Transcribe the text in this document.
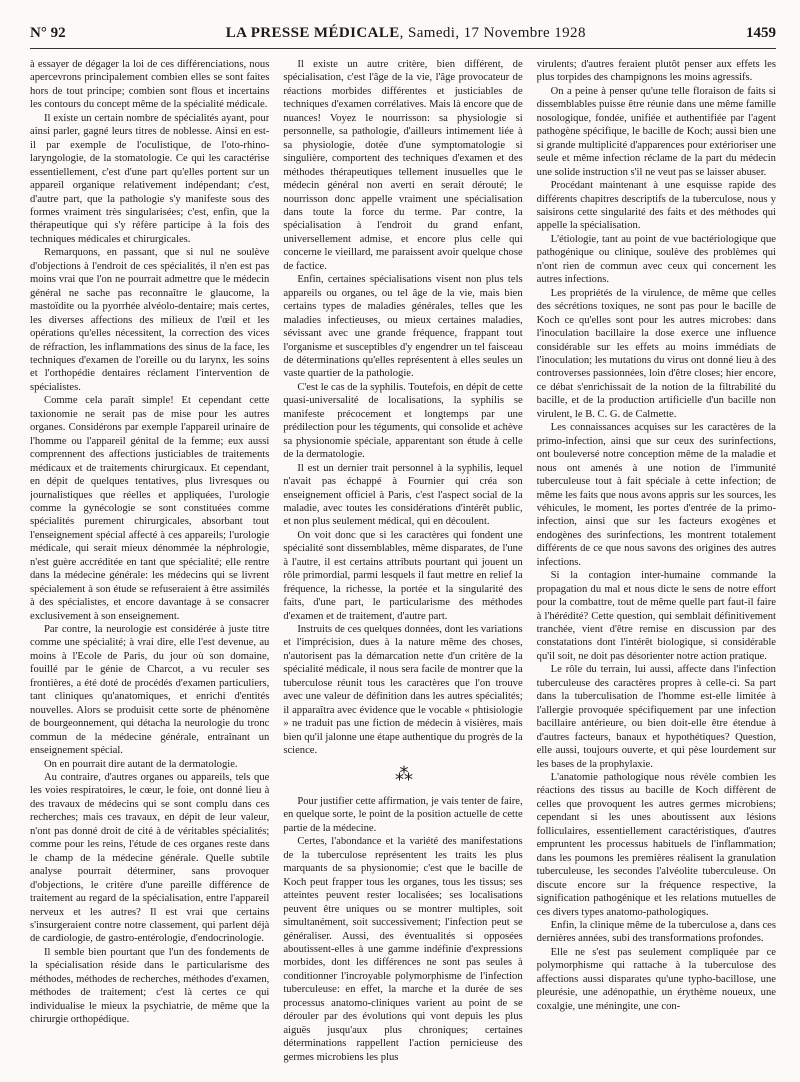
N° 92	LA PRESSE MÉDICALE, Samedi, 17 Novembre 1928	1459

à essayer de dégager la loi de ces différenciations, nous apercevrons principalement combien elles se sont faites hors de tout principe; combien sont flous et incertains les contours du concept même de la spécialité médicale.

Il existe un certain nombre de spécialités ayant, pour ainsi parler, gagné leurs titres de noblesse. Ainsi en est-il par exemple de l'oculistique, de l'oto-rhino-laryngologie, de la stomatologie. Ce qui les caractérise essentiellement, c'est d'une part qu'elles portent sur un appareil organique relativement indépendant; c'est, d'autre part, que la pathologie s'y manifeste sous des formes vraiment très singularisées; c'est, enfin, que la thérapeutique qui s'y réfère participe à la fois des techniques médicales et chirurgicales.

Remarquons, en passant, que si nul ne soulève d'objections à l'endroit de ces spécialités, il n'en est pas moins vrai que l'on ne pourrait admettre que le médecin général ne sache pas reconnaître le glaucome, la mastoïdite ou la pyorrhée alvéolo-dentaire; mais certes, les diverses affections des milieux de l'œil et les opérations qu'elles nécessitent, la correction des vices de réfraction, les inflammations des sinus de la face, les techniques d'examen de l'oreille ou du larynx, les soins et l'orthopédie dentaires réclament l'intervention de spécialistes.

Comme cela paraît simple! Et cependant cette taxionomie ne serait pas de mise pour les autres organes. Considérons par exemple l'appareil urinaire de l'homme ou l'appareil génital de la femme; eux aussi comprennent des affections justiciables de traitements médicaux et de traitements chirurgicaux. Et cependant, en dépit de quelques tentatives, plus livresques ou journalistiques que réelles et appliquées, l'urologie comme la gynécologie se sont constituées comme spécialités purement chirurgicales, absorbant tout l'enseignement spécial affecté à ces appareils; l'urologie médicale, qui serait mieux dénommée la néphrologie, n'est guère accréditée en tant que spécialité; elle rentre dans la médecine générale: les médecins qui se livrent spécialement à son étude se refuseraient à être assimilés à des spécialistes, et encore davantage à se consacrer exclusivement à son enseignement.

Par contre, la neurologie est considérée à juste titre comme une spécialité; à vrai dire, elle l'est devenue, au moins à l'Ecole de Paris, du jour où son domaine, fouillé par le génie de Charcot, a vu reculer ses frontières, a été doté de procédés d'examen particuliers, tant cliniques qu'anatomiques, et enrichi d'entités nouvelles. Alors se produisit cette sorte de phénomène de bourgeonnement, qui détacha la neurologie du tronc commun de la médecine générale, entraînant un enseignement spécial.

On en pourrait dire autant de la dermatologie.

Au contraire, d'autres organes ou appareils, tels que les voies respiratoires, le cœur, le foie, ont donné lieu à des travaux de médecins qui se sont complu dans ces recherches; mais ces travaux, en dépit de leur valeur, n'ont pas donné droit de cité à de véritables spécialités; comme pour les reins, l'étude de ces organes reste dans le champ de la médecine générale. Quelle subtile analyse pourrait déterminer, sans provoquer d'objections, le critère d'une pareille différence de traitement au regard de la spécialisation, entre l'appareil nerveux et les autres? Il est vrai que certains s'insurgeraient contre notre classement, qui parlent déjà de cardiologie, de gastro-entérologie, d'endocrinologie.

Il semble bien pourtant que l'un des fondements de la spécialisation réside dans le particularisme des méthodes, méthodes de recherches, méthodes d'examen, méthodes de traitement; c'est là certes ce qui individualise le mieux la psychiatrie, de même que la chirurgie orthopédique.

Il existe un autre critère, bien différent, de spécialisation, c'est l'âge de la vie, l'âge provocateur de réactions morbides différentes et justiciables de techniques d'examen corrélatives. Mais là encore que de nuances! Voyez le nourrisson: sa physiologie si personnelle, sa pathologie, d'ailleurs intimement liée à sa physiologie, dotée d'une symptomatologie si singulière, comportent des techniques d'examen et des méthodes thérapeutiques tellement inusuelles que le médecin général non averti en serait dérouté; le nourrisson donc appelle vraiment une spécialisation dans toute la force du terme. Par contre, la spécialisation à l'endroit du grand enfant, universellement admise, et encore plus celle qui concerne le vieillard, me paraissent avoir quelque chose de factice.

Enfin, certaines spécialisations visent non plus tels appareils ou organes, ou tel âge de la vie, mais bien certains types de maladies générales, telles que les maladies infectieuses, ou mieux certaines maladies, sévissant avec une grande fréquence, frappant tout l'organisme et susceptibles d'y engendrer un tel faisceau de déterminations qu'elles représentent à elles seules un vaste quartier de la pathologie.

C'est le cas de la syphilis. Toutefois, en dépit de cette quasi-universalité de localisations, la syphilis se manifeste précocement et longtemps par une prédilection pour les téguments, qui consolide et achève sa physionomie spéciale, apparentant son étude à celle de la dermatologie.

Il est un dernier trait personnel à la syphilis, lequel n'avait pas échappé à Fournier qui créa son enseignement officiel à Paris, c'est l'aspect social de la maladie, avec toutes les considérations d'intérêt public, et non plus seulement médical, qui en découlent.

On voit donc que si les caractères qui fondent une spécialité sont dissemblables, même disparates, de l'une à l'autre, il est certains attributs pourtant qui jouent un rôle primordial, parmi lesquels il faut mettre en relief la fréquence, la richesse, la portée et la singularité des faits, d'une part, le particularisme des méthodes d'examen et de traitement, d'autre part.

Instruits de ces quelques données, dont les variations et l'imprécision, dues à la nature même des choses, n'autorisent pas la démarcation nette d'un critère de la spécialité médicale, il nous sera facile de montrer que la tuberculose réunit tous les caractères que l'on trouve avec une valeur de définition dans les autres spécialités; il apparaîtra avec évidence que le vocable « phtisiologie » ne traduit pas une fiction de médecin à visières, mais bien qu'il jalonne une étape authentique du progrès de la science.

⁂

Pour justifier cette affirmation, je vais tenter de faire, en quelque sorte, le point de la position actuelle de cette partie de la médecine.

Certes, l'abondance et la variété des manifestations de la tuberculose représentent les traits les plus marquants de sa physionomie; c'est que le bacille de Koch peut frapper tous les organes, tous les tissus; ses atteintes peuvent rester localisées; ses localisations peuvent être uniques ou se montrer multiples, soit simultanément, soit successivement; l'infection peut se généraliser. Aussi, des éventualités si opposées aboutissent-elles à une gamme indéfinie d'expressions morbides, dont les différences ne sont pas seules à conditionner l'incroyable polymorphisme de l'infection tuberculeuse: en effet, la marche et la durée de ses processus anatomo-cliniques varient au point de se dérouler par des évolutions qui vont depuis les plus aiguës jusqu'aux plus chroniques; certaines déterminations rappellent l'action pernicieuse des germes microbiens les plus

virulents; d'autres feraient plutôt penser aux effets les plus torpides des champignons les moins agressifs.

On a peine à penser qu'une telle floraison de faits si dissemblables puisse être réunie dans une même famille nosologique, fondée, unifiée et authentifiée par l'agent pathogène spécifique, le bacille de Koch; aussi bien une si grande multiplicité d'apparences pour extérioriser une seule et même infection réclame de la part du médecin une solide instruction s'il ne veut pas se laisser abuser.

Procédant maintenant à une esquisse rapide des différents chapitres descriptifs de la tuberculose, nous y saisirons cette singularité des faits et des méthodes qui appelle la spécialisation.

L'étiologie, tant au point de vue bactériologique que pathogénique ou clinique, soulève des problèmes qui n'ont rien de commun avec ceux qui concernent les autres infections.

Les propriétés de la virulence, de même que celles des sécrétions toxiques, ne sont pas pour le bacille de Koch ce qu'elles sont pour les autres microbes: dans l'inoculation bacillaire la dose exerce une influence considérable sur les effets au moins immédiats de l'inoculation; les mutations du virus ont donné lieu à des controverses passionnées, loin d'être closes; hier encore, ce débat s'enrichissait de la notion de la filtrabilité du bacille, et de la production artificielle d'un bacille non virulent, le B. C. G. de Calmette.

Les connaissances acquises sur les caractères de la primo-infection, ainsi que sur ceux des surinfections, ont bouleversé notre conception même de la maladie et nous ont amenés à une notion de l'immunité tuberculeuse tout à fait spéciale à cette infection; de même les faits que nous avons appris sur les sources, les véhicules, le moment, les portes d'entrée de la primo-infection, ainsi que sur les facteurs exogènes et endogènes des surinfections, les montrent totalement différents de ce que nous savons des origines des autres infections.

Si la contagion inter-humaine commande la propagation du mal et nous dicte le sens de notre effort pour la combattre, tout de même quelle part faut-il faire à l'hérédité? Cette question, qui semblait définitivement tranchée, vient d'être remise en discussion par des constatations dont l'intérêt biologique, si considérable qu'il soit, ne doit pas désorienter notre action pratique.

Le rôle du terrain, lui aussi, affecte dans l'infection tuberculeuse des caractères propres à celle-ci. Sa part dans la tuberculisation de l'homme est-elle limitée à l'allergie provoquée spécifiquement par une infection bacillaire antérieure, ou bien doit-elle être étendue à d'autres facteurs, banaux et hypothétiques? Question, elle aussi, toujours ouverte, et qui pèse lourdement sur les bases de la prophylaxie.

L'anatomie pathologique nous révèle combien les réactions des tissus au bacille de Koch diffèrent de celles que provoquent les autres germes microbiens; cependant si les unes aboutissent aux lésions folliculaires, essentiellement caractéristiques, d'autres empruntent les processus habituels de l'inflammation; dans les poumons les premières réalisent la granulation tuberculeuse, les secondes l'alvéolite tuberculeuse. On discute encore sur la fréquence respective, la signification pathogénique et les relations mutuelles de ces divers types anatomo-pathologiques.

Enfin, la clinique même de la tuberculose a, dans ces dernières années, subi des transformations profondes.

Elle ne s'est pas seulement compliquée par ce polymorphisme qui rattache à la tuberculose des affections aussi disparates qu'une typho-bacillose, une pleurésie, une adénopathie, un érythème noueux, une coxalgie, une méningite, une con-
